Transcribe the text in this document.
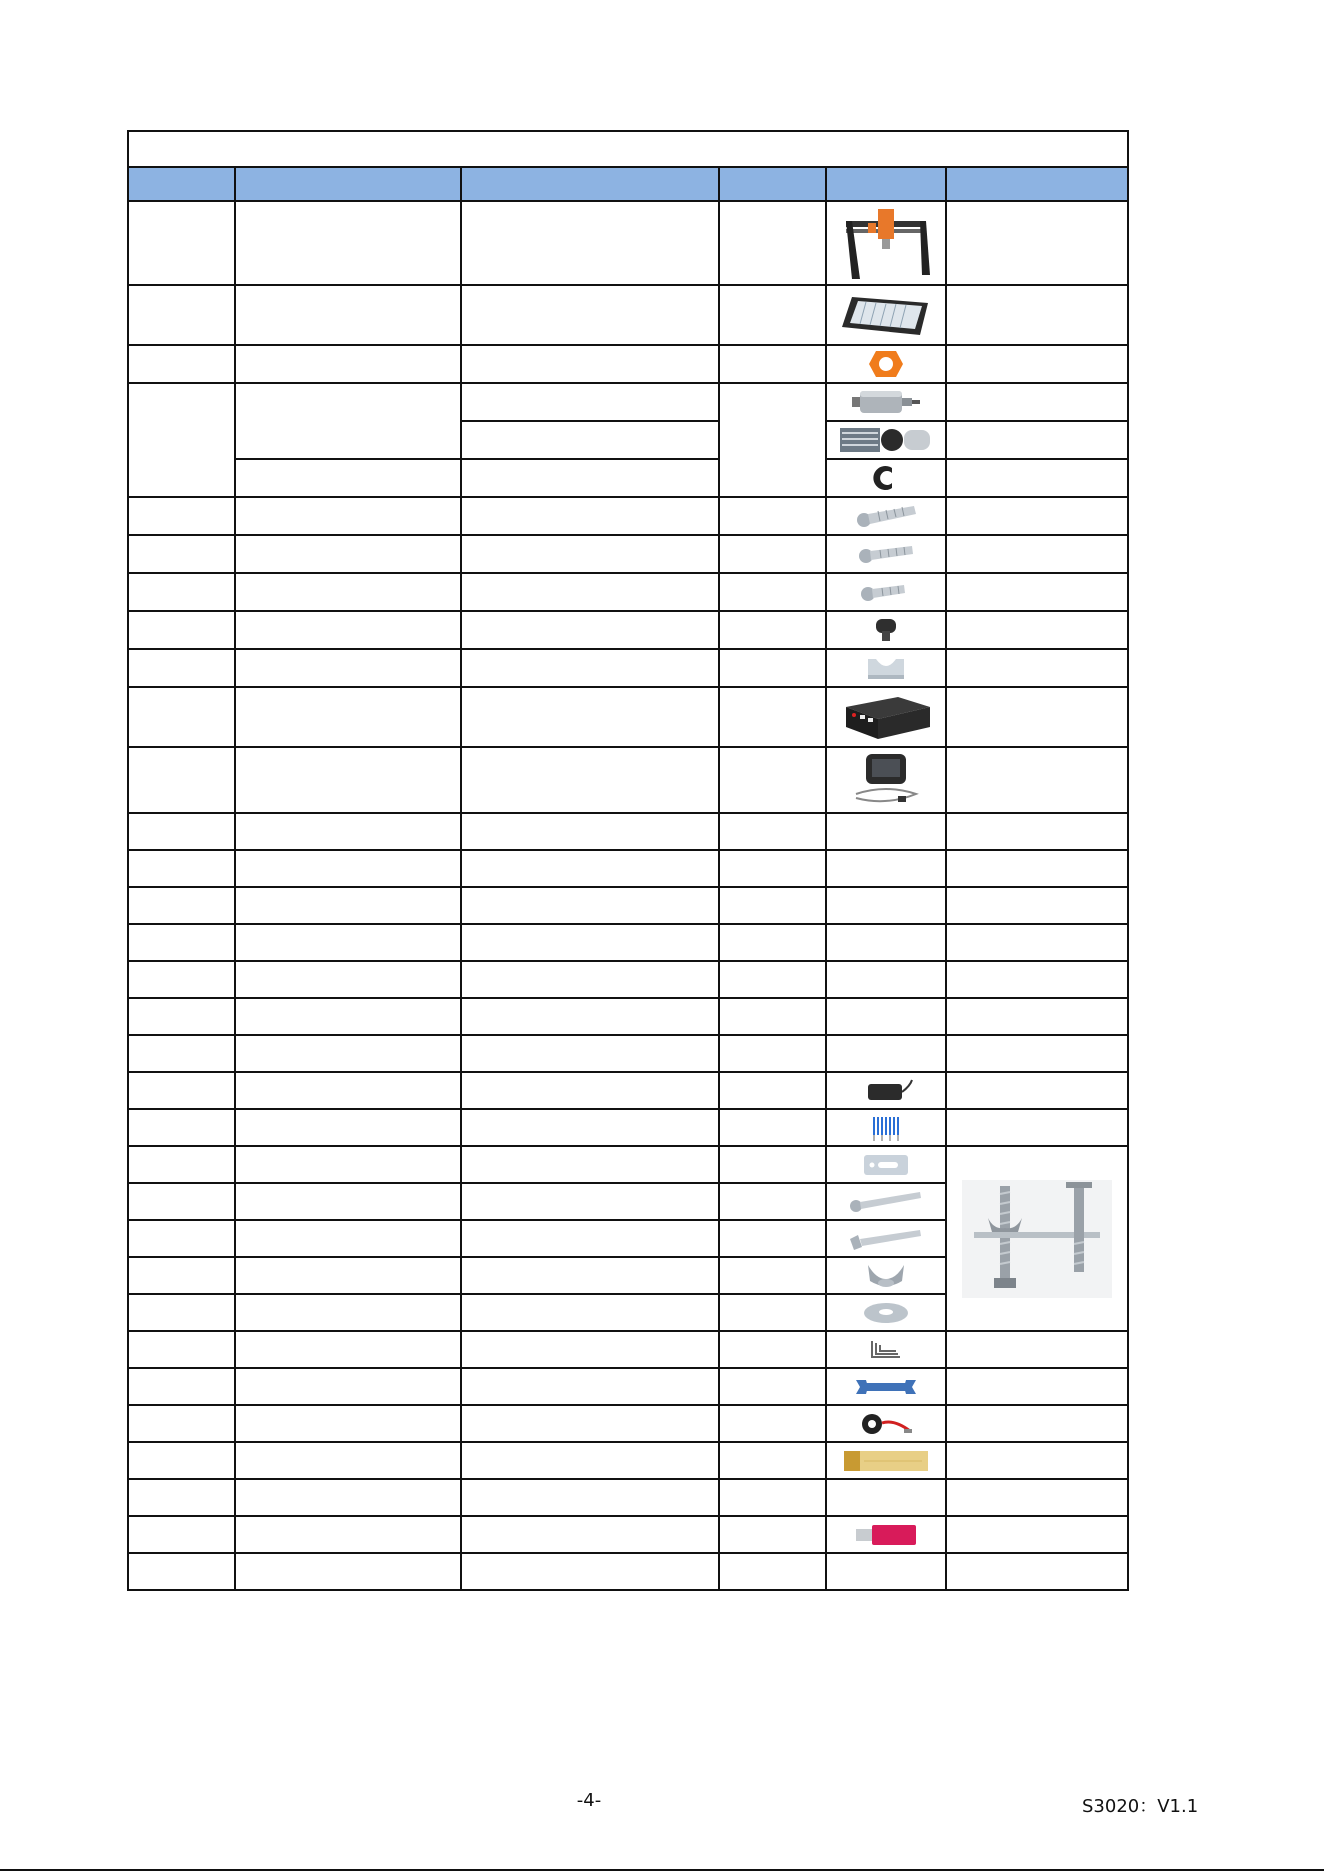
-4-	S3020：V1.1
